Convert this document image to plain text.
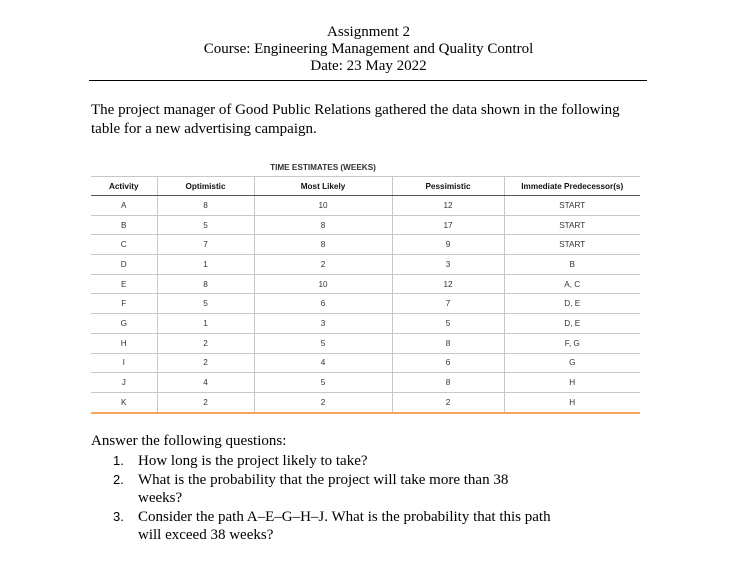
Assignment 2
Course: Engineering Management and Quality Control
Date: 23 May 2022
The project manager of Good Public Relations gathered the data shown in the following table for a new advertising campaign.
		TIME ESTIMATES (WEEKS)		
Activity	Optimistic	Most Likely	Pessimistic	Immediate Predecessor(s)
A	8	10	12	START
B	5	8	17	START
C	7	8	9	START
D	1	2	3	B
E	8	10	12	A, C
F	5	6	7	D, E
G	1	3	5	D, E
H	2	5	8	F, G
I	2	4	6	G
J	4	5	8	H
K	2	2	2	H
Answer the following questions:
1. How long is the project likely to take?
2. What is the probability that the project will take more than 38 weeks?
3. Consider the path A–E–G–H–J. What is the probability that this path will exceed 38 weeks?
